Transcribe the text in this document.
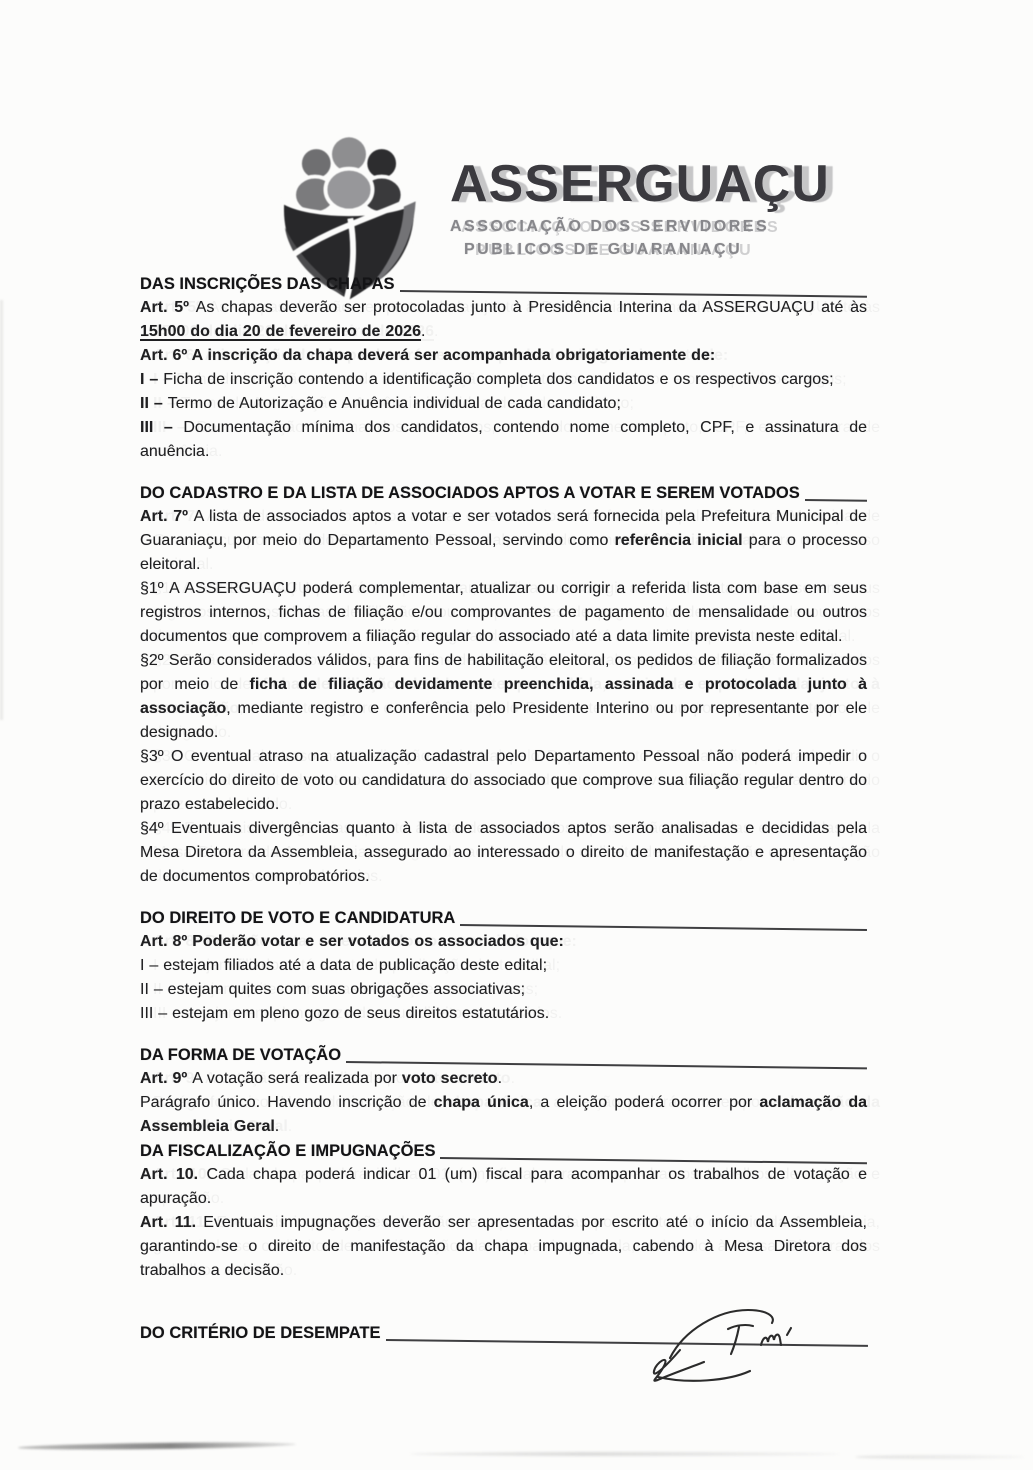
ASSERGUAÇU
ASSOCIAÇÃO DOS SERVIDORES
PUBLICOS DE GUARANIAÇU
DAS INSCRIÇÕES DAS CHAPAS

Art. 5º As chapas deverão ser protocoladas junto à Presidência Interina da ASSERGUAÇU até às 15h00 do dia 20 de fevereiro de 2026.

Art. 6º A inscrição da chapa deverá ser acompanhada obrigatoriamente de:

I – Ficha de inscrição contendo a identificação completa dos candidatos e os respectivos cargos;

II – Termo de Autorização e Anuência individual de cada candidato;

III – Documentação mínima dos candidatos, contendo nome completo, CPF, e assinatura de anuência.

DO CADASTRO E DA LISTA DE ASSOCIADOS APTOS A VOTAR E SEREM VOTADOS

Art. 7º A lista de associados aptos a votar e ser votados será fornecida pela Prefeitura Municipal de Guaraniaçu, por meio do Departamento Pessoal, servindo como referência inicial para o processo eleitoral.

§1º A ASSERGUAÇU poderá complementar, atualizar ou corrigir a referida lista com base em seus registros internos, fichas de filiação e/ou comprovantes de pagamento de mensalidade ou outros documentos que comprovem a filiação regular do associado até a data limite prevista neste edital.

§2º Serão considerados válidos, para fins de habilitação eleitoral, os pedidos de filiação formalizados por meio de ficha de filiação devidamente preenchida, assinada e protocolada junto à associação, mediante registro e conferência pelo Presidente Interino ou por representante por ele designado.

§3º O eventual atraso na atualização cadastral pelo Departamento Pessoal não poderá impedir o exercício do direito de voto ou candidatura do associado que comprove sua filiação regular dentro do prazo estabelecido.

§4º Eventuais divergências quanto à lista de associados aptos serão analisadas e decididas pela Mesa Diretora da Assembleia, assegurado ao interessado o direito de manifestação e apresentação de documentos comprobatórios.

DO DIREITO DE VOTO E CANDIDATURA

Art. 8º Poderão votar e ser votados os associados que:

I – estejam filiados até a data de publicação deste edital;

II – estejam quites com suas obrigações associativas;

III – estejam em pleno gozo de seus direitos estatutários.

DA FORMA DE VOTAÇÃO

Art. 9º A votação será realizada por voto secreto.

Parágrafo único. Havendo inscrição de chapa única, a eleição poderá ocorrer por aclamação da Assembleia Geral.

DA FISCALIZAÇÃO E IMPUGNAÇÕES

Art. 10. Cada chapa poderá indicar 01 (um) fiscal para acompanhar os trabalhos de votação e apuração.

Art. 11. Eventuais impugnações deverão ser apresentadas por escrito até o início da Assembleia, garantindo-se o direito de manifestação da chapa impugnada, cabendo à Mesa Diretora dos trabalhos a decisão.

DO CRITÉRIO DE DESEMPATE
